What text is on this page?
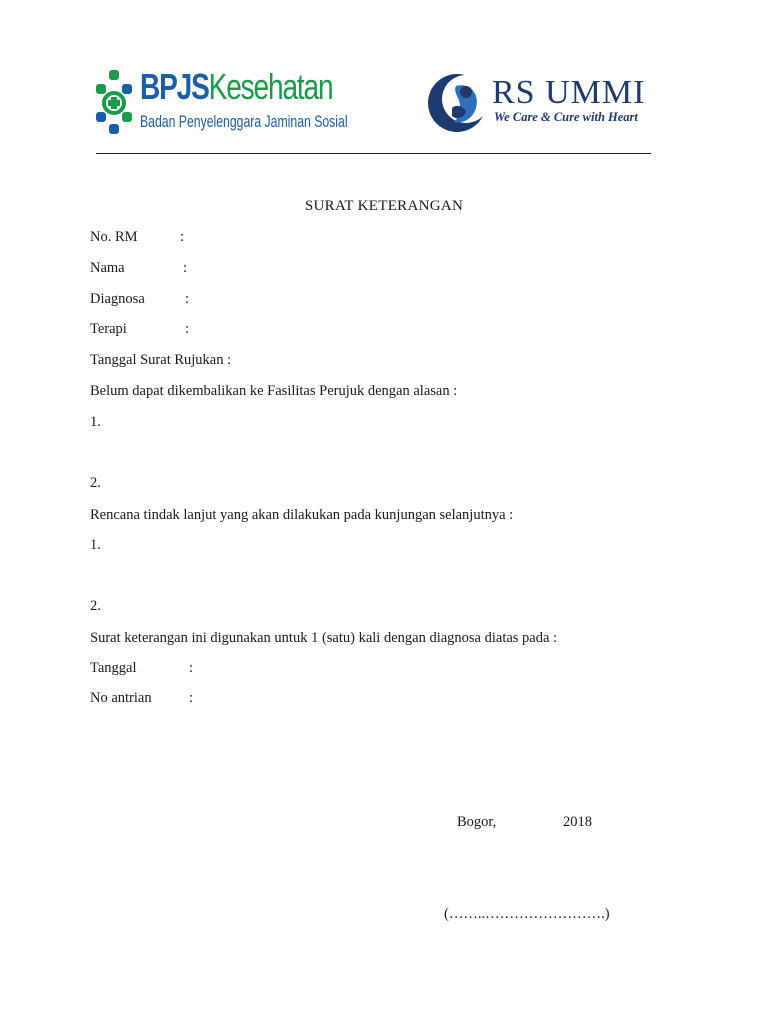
BPJSKesehatan
Badan Penyelenggara Jaminan Sosial
RS UMMI
We Care & Cure with Heart
SURAT KETERANGAN
No. RM	:
Nama	:
Diagnosa	:
Terapi	:
Tanggal Surat Rujukan :
Belum dapat dikembalikan ke Fasilitas Perujuk dengan alasan :
1.
2.
Rencana tindak lanjut yang akan dilakukan pada kunjungan selanjutnya :
1.
2.
Surat keterangan ini digunakan untuk 1 (satu) kali dengan diagnosa diatas pada :
Tanggal	:
No antrian	:
Bogor,	2018
(……..…………………….)
